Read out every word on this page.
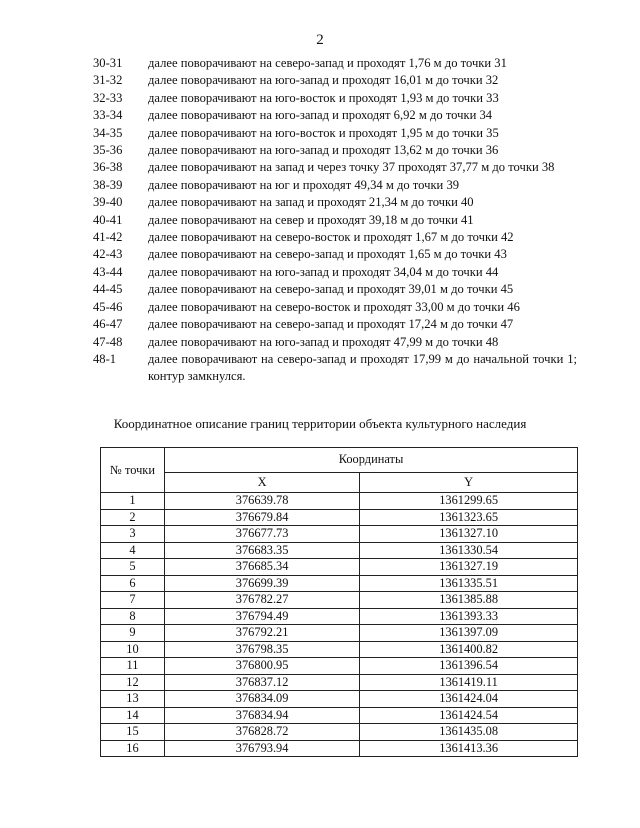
2
30-31	далее поворачивают на северо-запад и проходят 1,76 м до точки 31
31-32	далее поворачивают на юго-запад и проходят 16,01 м до точки 32
32-33	далее поворачивают на юго-восток и проходят 1,93 м до точки 33
33-34	далее поворачивают на юго-запад и проходят 6,92 м до точки 34
34-35	далее поворачивают на юго-восток и проходят 1,95 м до точки 35
35-36	далее поворачивают на юго-запад и проходят 13,62 м до точки 36
36-38	далее поворачивают на запад и через точку 37 проходят 37,77 м до точки 38
38-39	далее поворачивают на юг и проходят 49,34 м до точки 39
39-40	далее поворачивают на запад и проходят 21,34 м до точки 40
40-41	далее поворачивают на север и проходят 39,18 м до точки 41
41-42	далее поворачивают на северо-восток и проходят 1,67 м до точки 42
42-43	далее поворачивают на северо-запад и проходят 1,65 м до точки 43
43-44	далее поворачивают на юго-запад и проходят 34,04 м до точки 44
44-45	далее поворачивают на северо-запад и проходят 39,01 м до точки 45
45-46	далее поворачивают на северо-восток и проходят 33,00 м до точки 46
46-47	далее поворачивают на северо-запад и проходят 17,24 м до точки 47
47-48	далее поворачивают на юго-запад и проходят 47,99 м до точки 48
48-1	далее поворачивают на северо-запад и проходят 17,99 м до начальной точки 1; контур замкнулся.
Координатное описание границ территории объекта культурного наследия
№ точки	Координаты	
	X	Y
1	376639.78	1361299.65
2	376679.84	1361323.65
3	376677.73	1361327.10
4	376683.35	1361330.54
5	376685.34	1361327.19
6	376699.39	1361335.51
7	376782.27	1361385.88
8	376794.49	1361393.33
9	376792.21	1361397.09
10	376798.35	1361400.82
11	376800.95	1361396.54
12	376837.12	1361419.11
13	376834.09	1361424.04
14	376834.94	1361424.54
15	376828.72	1361435.08
16	376793.94	1361413.36
